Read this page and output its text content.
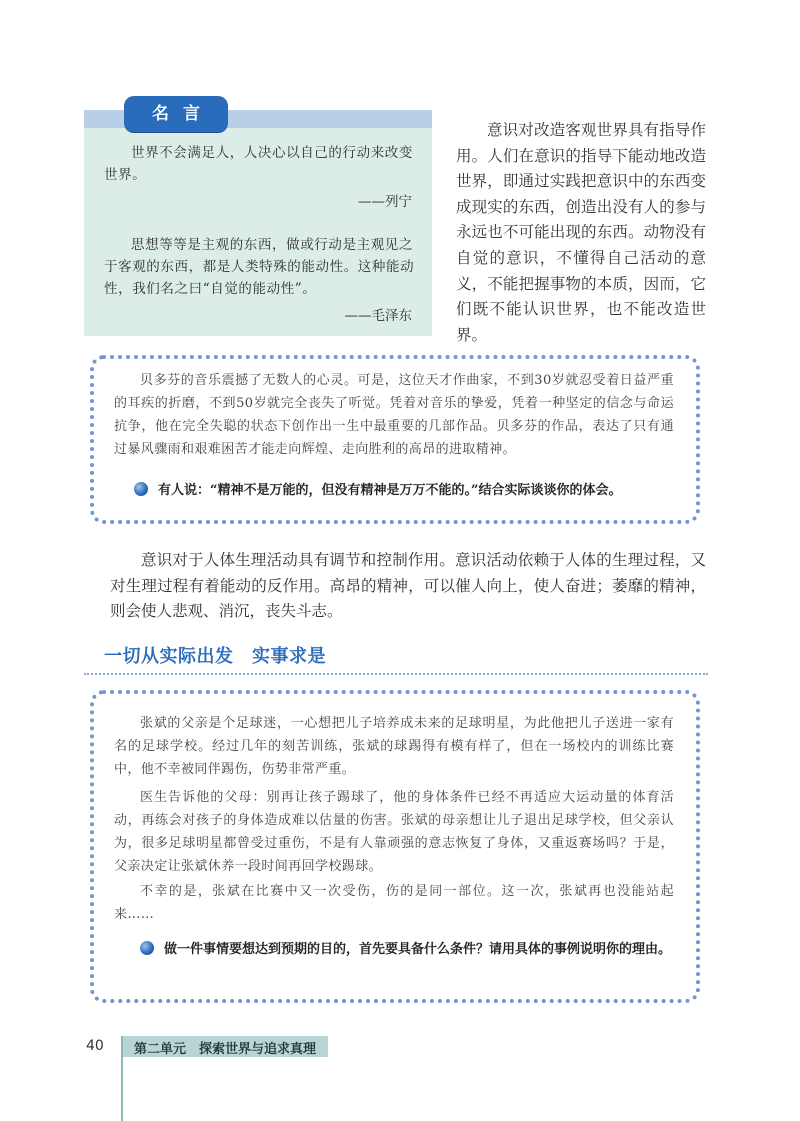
名言
世界不会满足人，人决心以自己的行动来改变世界。
——列宁
思想等等是主观的东西，做或行动是主观见之于客观的东西，都是人类特殊的能动性。这种能动性，我们名之曰“自觉的能动性”。
——毛泽东
意识对改造客观世界具有指导作用。人们在意识的指导下能动地改造世界，即通过实践把意识中的东西变成现实的东西，创造出没有人的参与永远也不可能出现的东西。动物没有自觉的意识，不懂得自己活动的意义，不能把握事物的本质，因而，它们既不能认识世界，也不能改造世界。
贝多芬的音乐震撼了无数人的心灵。可是，这位天才作曲家，不到30岁就忍受着日益严重的耳疾的折磨，不到50岁就完全丧失了听觉。凭着对音乐的挚爱，凭着一种坚定的信念与命运抗争，他在完全失聪的状态下创作出一生中最重要的几部作品。贝多芬的作品，表达了只有通过暴风骤雨和艰难困苦才能走向辉煌、走向胜利的高昂的进取精神。
有人说：“精神不是万能的，但没有精神是万万不能的。”结合实际谈谈你的体会。
意识对于人体生理活动具有调节和控制作用。意识活动依赖于人体的生理过程，又对生理过程有着能动的反作用。高昂的精神，可以催人向上，使人奋进；萎靡的精神，则会使人悲观、消沉，丧失斗志。
一切从实际出发　实事求是
张斌的父亲是个足球迷，一心想把儿子培养成未来的足球明星，为此他把儿子送进一家有名的足球学校。经过几年的刻苦训练，张斌的球踢得有模有样了，但在一场校内的训练比赛中，他不幸被同伴踢伤，伤势非常严重。
医生告诉他的父母：别再让孩子踢球了，他的身体条件已经不再适应大运动量的体育活动，再练会对孩子的身体造成难以估量的伤害。张斌的母亲想让儿子退出足球学校，但父亲认为，很多足球明星都曾受过重伤，不是有人靠顽强的意志恢复了身体，又重返赛场吗？于是，父亲决定让张斌休养一段时间再回学校踢球。
不幸的是，张斌在比赛中又一次受伤，伤的是同一部位。这一次，张斌再也没能站起来……
做一件事情要想达到预期的目的，首先要具备什么条件？请用具体的事例说明你的理由。
40 第二单元　探索世界与追求真理
